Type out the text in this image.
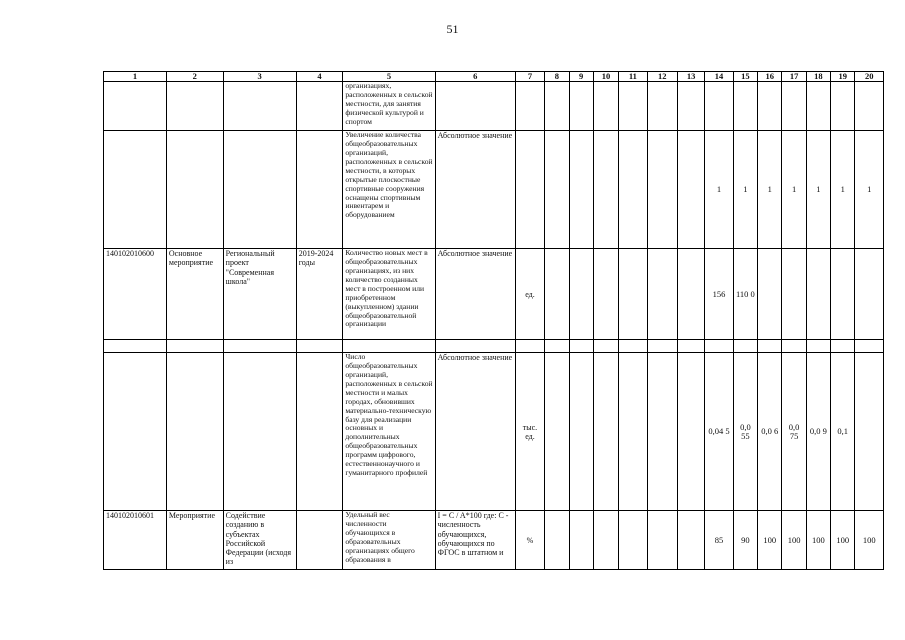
51
1	2	3	4	5	6	7	8	9	10	11	12	13	14	15	16	17	18	19	20
				организациях, расположенных в сельской местности, для занятия физической культурой и спортом															
				Увеличение количества общеобразовательных организаций, расположенных в сельской местности, в которых открытые плоскостные спортивные сооружения оснащены спортивным инвентарем и оборудованием	Абсолютное значение								1	1	1	1	1	1	1
140102010600	Основное мероприятие	Региональный проект "Современная школа"	2019-2024 годы	Количество новых мест в общеобразовательных организациях, из них количество созданных мест в построенном или приобретенном (выкупленном) здании общеобразовательной организации	Абсолютное значение	ед.							156	110 0					

				Число общеобразовательных организаций, расположенных в сельской местности и малых городах, обновивших материально-техническую базу для реализации основных и дополнительных общеобразовательных программ цифрового, естественнонаучного и гуманитарного профилей	Абсолютное значение	тыс. ед.							0,04 5	0,0 55	0,0 6	0,0 75	0,0 9	0,1	
140102010601	Мероприятие	Содействие созданию в субъектах Российской Федерации (исходя из		Удельный вес численности обучающихся в образовательных организациях общего образования в	I = C / A*100 где: C - численность обучающихся, обучающихся по ФГОС в штатном и	%							85	90	100	100	100	100	100
